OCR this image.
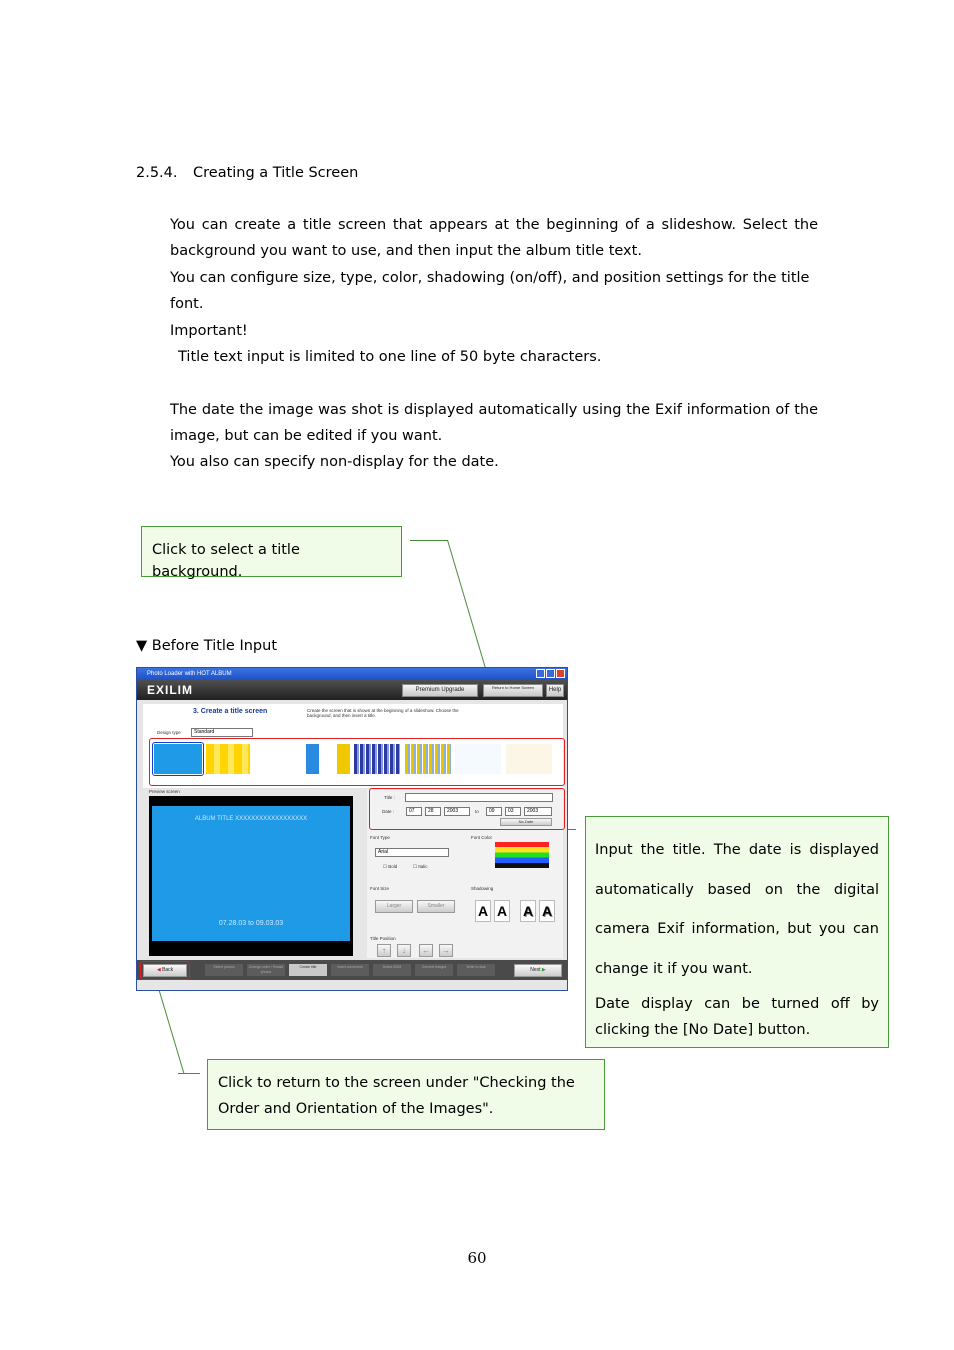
2.5.4. Creating a Title Screen
You can create a title screen that appears at the beginning of a slideshow. Select the background you want to use, and then input the album title text.
You can configure size, type, color, shadowing (on/off), and position settings for the title font.
Important!
Title text input is limited to one line of 50 byte characters.
The date the image was shot is displayed automatically using the Exif information of the image, but can be edited if you want.
You also can specify non-display for the date.
Click to select a title background.
▼ Before Title Input
Input the title. The date is displayed automatically based on the digital camera Exif information, but you can change it if you want.
Date display can be turned off by clicking the [No Date] button.
Click to return to the screen under "Checking the Order and Orientation of the Images".
Photo Loader with HOT ALBUM
EXILIM	Premium Upgrade	Return to Home Screen	Help
3. Create a title screen	Create the screen that is shown at the beginning of a slideshow. Choose the background, and then insert a title.
Design type	Standard
Preview screen
ALBUM TITLE XXXXXXXXXXXXXXXXXX
07.28.03 to 09.03.03
Title :
Date :	07	28	2003	to	09	03	2003
No Date
Font Type
Arial
☐ Bold	☐ Italic
Font Color
Font Size
Larger	Smaller
Shadowing
A A A A
Title Position
↑	↓	←	→
◀ Back	Select photos	Change order / Rotate photos
Create title	Insert comments	Select BGM	Convert images	Write to disk	Next ▶
60
